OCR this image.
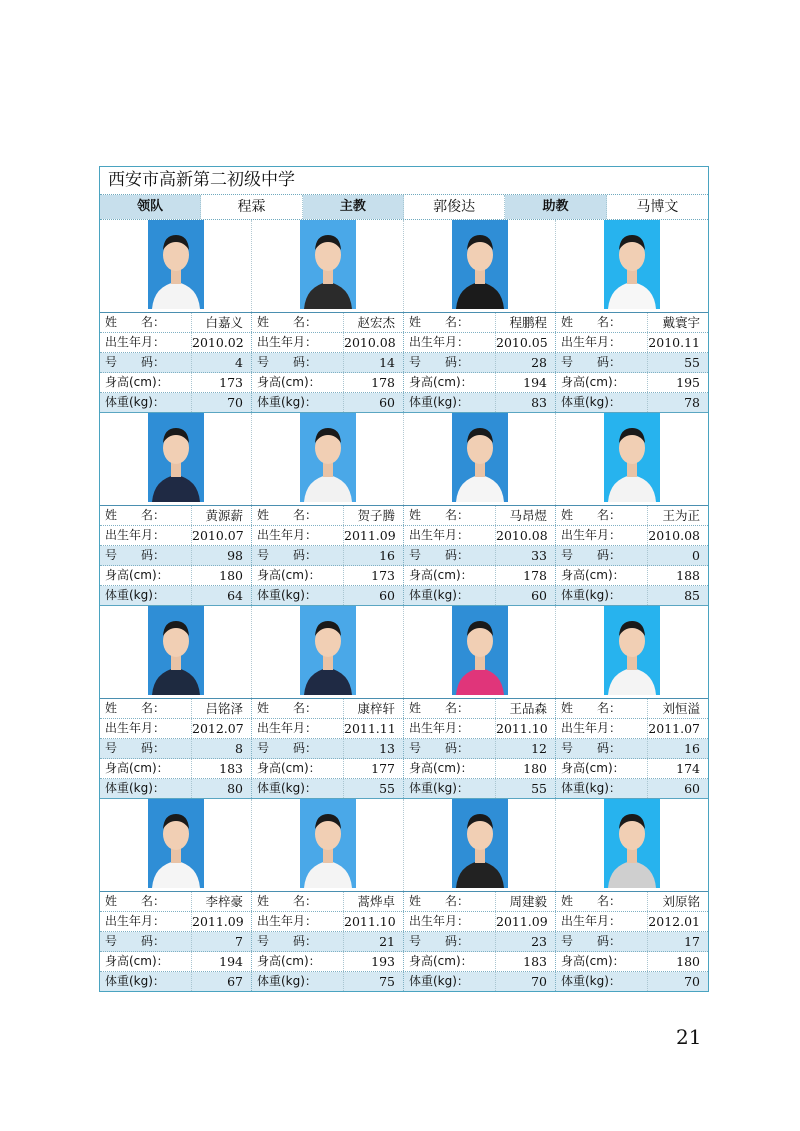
西安市高新第二初级中学
领队	程霖	主教	郭俊达	助教	马博文
姓　　名：	白嘉义	姓　　名：	赵宏杰	姓　　名：	程鹏程	姓　　名：	戴寰宇
出生年月：	2010.02	出生年月：	2010.08	出生年月：	2010.05	出生年月：	2010.11
号　　码：	4	号　　码：	14	号　　码：	28	号　　码：	55
身高(cm)：	173	身高(cm)：	178	身高(cm)：	194	身高(cm)：	195
体重(kg)：	70	体重(kg)：	60	体重(kg)：	83	体重(kg)：	78
姓　　名：	黄源薪	姓　　名：	贺子腾	姓　　名：	马昂煜	姓　　名：	王为正
出生年月：	2010.07	出生年月：	2011.09	出生年月：	2010.08	出生年月：	2010.08
号　　码：	98	号　　码：	16	号　　码：	33	号　　码：	0
身高(cm)：	180	身高(cm)：	173	身高(cm)：	178	身高(cm)：	188
体重(kg)：	64	体重(kg)：	60	体重(kg)：	60	体重(kg)：	85
姓　　名：	吕铭泽	姓　　名：	康梓轩	姓　　名：	王品森	姓　　名：	刘恒溢
出生年月：	2012.07	出生年月：	2011.11	出生年月：	2011.10	出生年月：	2011.07
号　　码：	8	号　　码：	13	号　　码：	12	号　　码：	16
身高(cm)：	183	身高(cm)：	177	身高(cm)：	180	身高(cm)：	174
体重(kg)：	80	体重(kg)：	55	体重(kg)：	55	体重(kg)：	60
姓　　名：	李梓豪	姓　　名：	蒿烨卓	姓　　名：	周建毅	姓　　名：	刘原铭
出生年月：	2011.09	出生年月：	2011.10	出生年月：	2011.09	出生年月：	2012.01
号　　码：	7	号　　码：	21	号　　码：	23	号　　码：	17
身高(cm)：	194	身高(cm)：	193	身高(cm)：	183	身高(cm)：	180
体重(kg)：	67	体重(kg)：	75	体重(kg)：	70	体重(kg)：	70
21
